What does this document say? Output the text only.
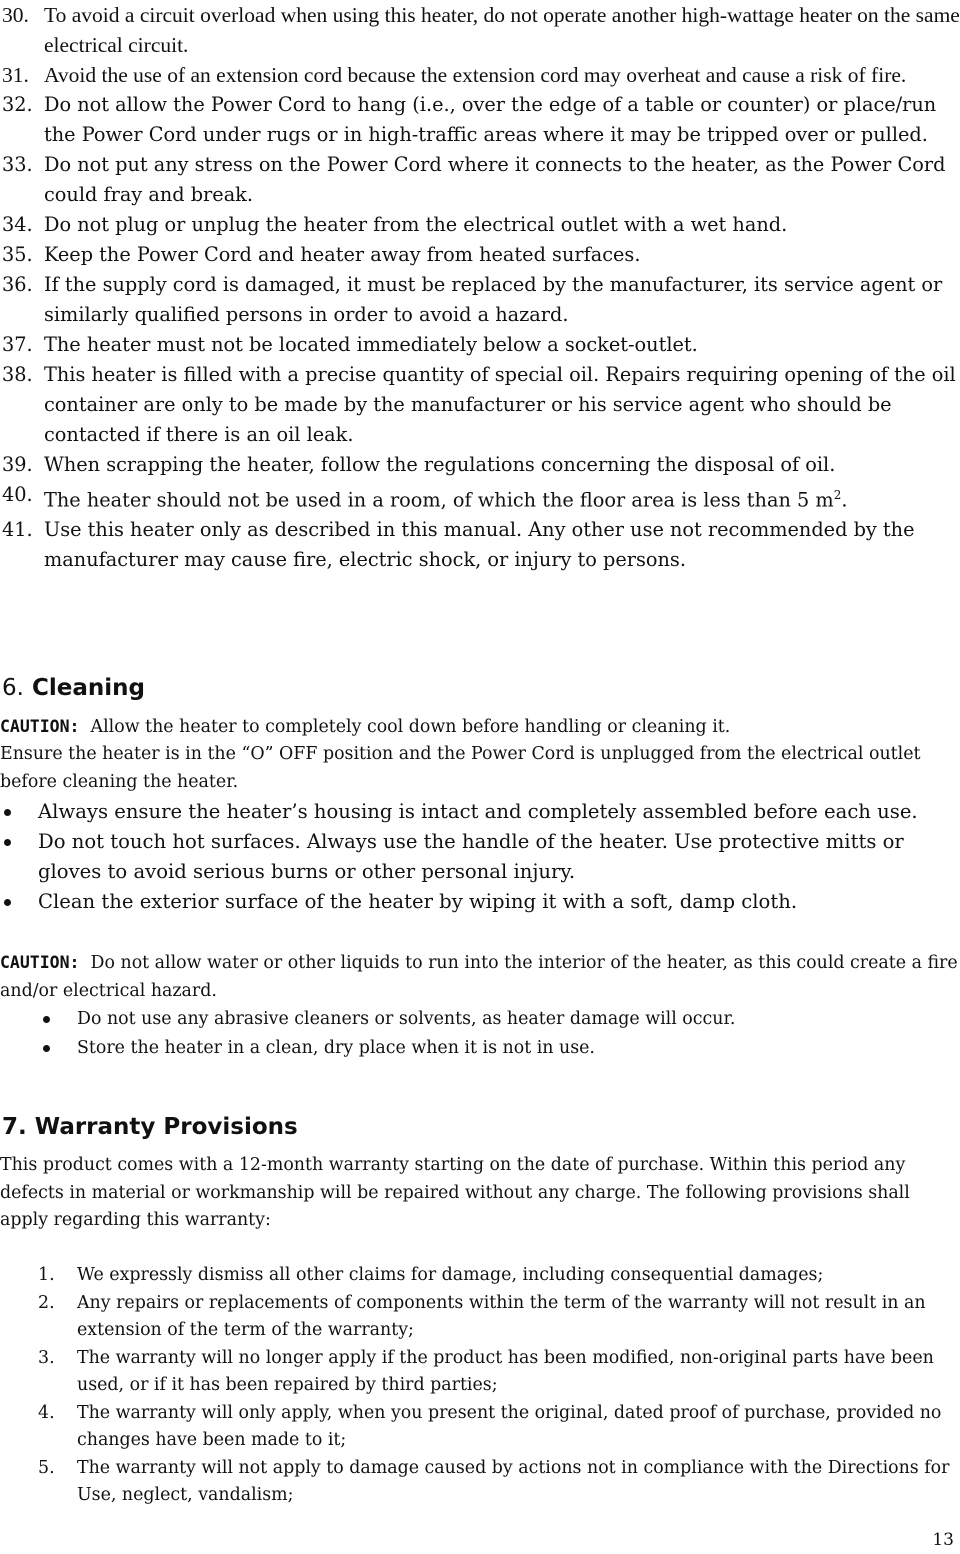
30. To avoid a circuit overload when using this heater, do not operate another high-wattage heater on the same electrical circuit.
31. Avoid the use of an extension cord because the extension cord may overheat and cause a risk of fire.
32. Do not allow the Power Cord to hang (i.e., over the edge of a table or counter) or place/run the Power Cord under rugs or in high-traffic areas where it may be tripped over or pulled.
33. Do not put any stress on the Power Cord where it connects to the heater, as the Power Cord could fray and break.
34. Do not plug or unplug the heater from the electrical outlet with a wet hand.
35. Keep the Power Cord and heater away from heated surfaces.
36. If the supply cord is damaged, it must be replaced by the manufacturer, its service agent or similarly qualified persons in order to avoid a hazard.
37. The heater must not be located immediately below a socket-outlet.
38. This heater is filled with a precise quantity of special oil. Repairs requiring opening of the oil container are only to be made by the manufacturer or his service agent who should be contacted if there is an oil leak.
39. When scrapping the heater, follow the regulations concerning the disposal of oil.
40. The heater should not be used in a room, of which the floor area is less than 5 $m^2$.
41. Use this heater only as described in this manual. Any other use not recommended by the manufacturer may cause fire, electric shock, or injury to persons.
6. Cleaning
CAUTION: Allow the heater to completely cool down before handling or cleaning it.
Ensure the heater is in the “O” OFF position and the Power Cord is unplugged from the electrical outlet before cleaning the heater.
Always ensure the heater’s housing is intact and completely assembled before each use.
Do not touch hot surfaces. Always use the handle of the heater. Use protective mitts or gloves to avoid serious burns or other personal injury.
Clean the exterior surface of the heater by wiping it with a soft, damp cloth.
CAUTION: Do not allow water or other liquids to run into the interior of the heater, as this could create a fire and/or electrical hazard.
Do not use any abrasive cleaners or solvents, as heater damage will occur.
Store the heater in a clean, dry place when it is not in use.
7. Warranty Provisions
This product comes with a 12-month warranty starting on the date of purchase. Within this period any defects in material or workmanship will be repaired without any charge. The following provisions shall apply regarding this warranty:
1. We expressly dismiss all other claims for damage, including consequential damages;
2. Any repairs or replacements of components within the term of the warranty will not result in an extension of the term of the warranty;
3. The warranty will no longer apply if the product has been modified, non-original parts have been used, or if it has been repaired by third parties;
4. The warranty will only apply, when you present the original, dated proof of purchase, provided no changes have been made to it;
5. The warranty will not apply to damage caused by actions not in compliance with the Directions for Use, neglect, vandalism;
13
